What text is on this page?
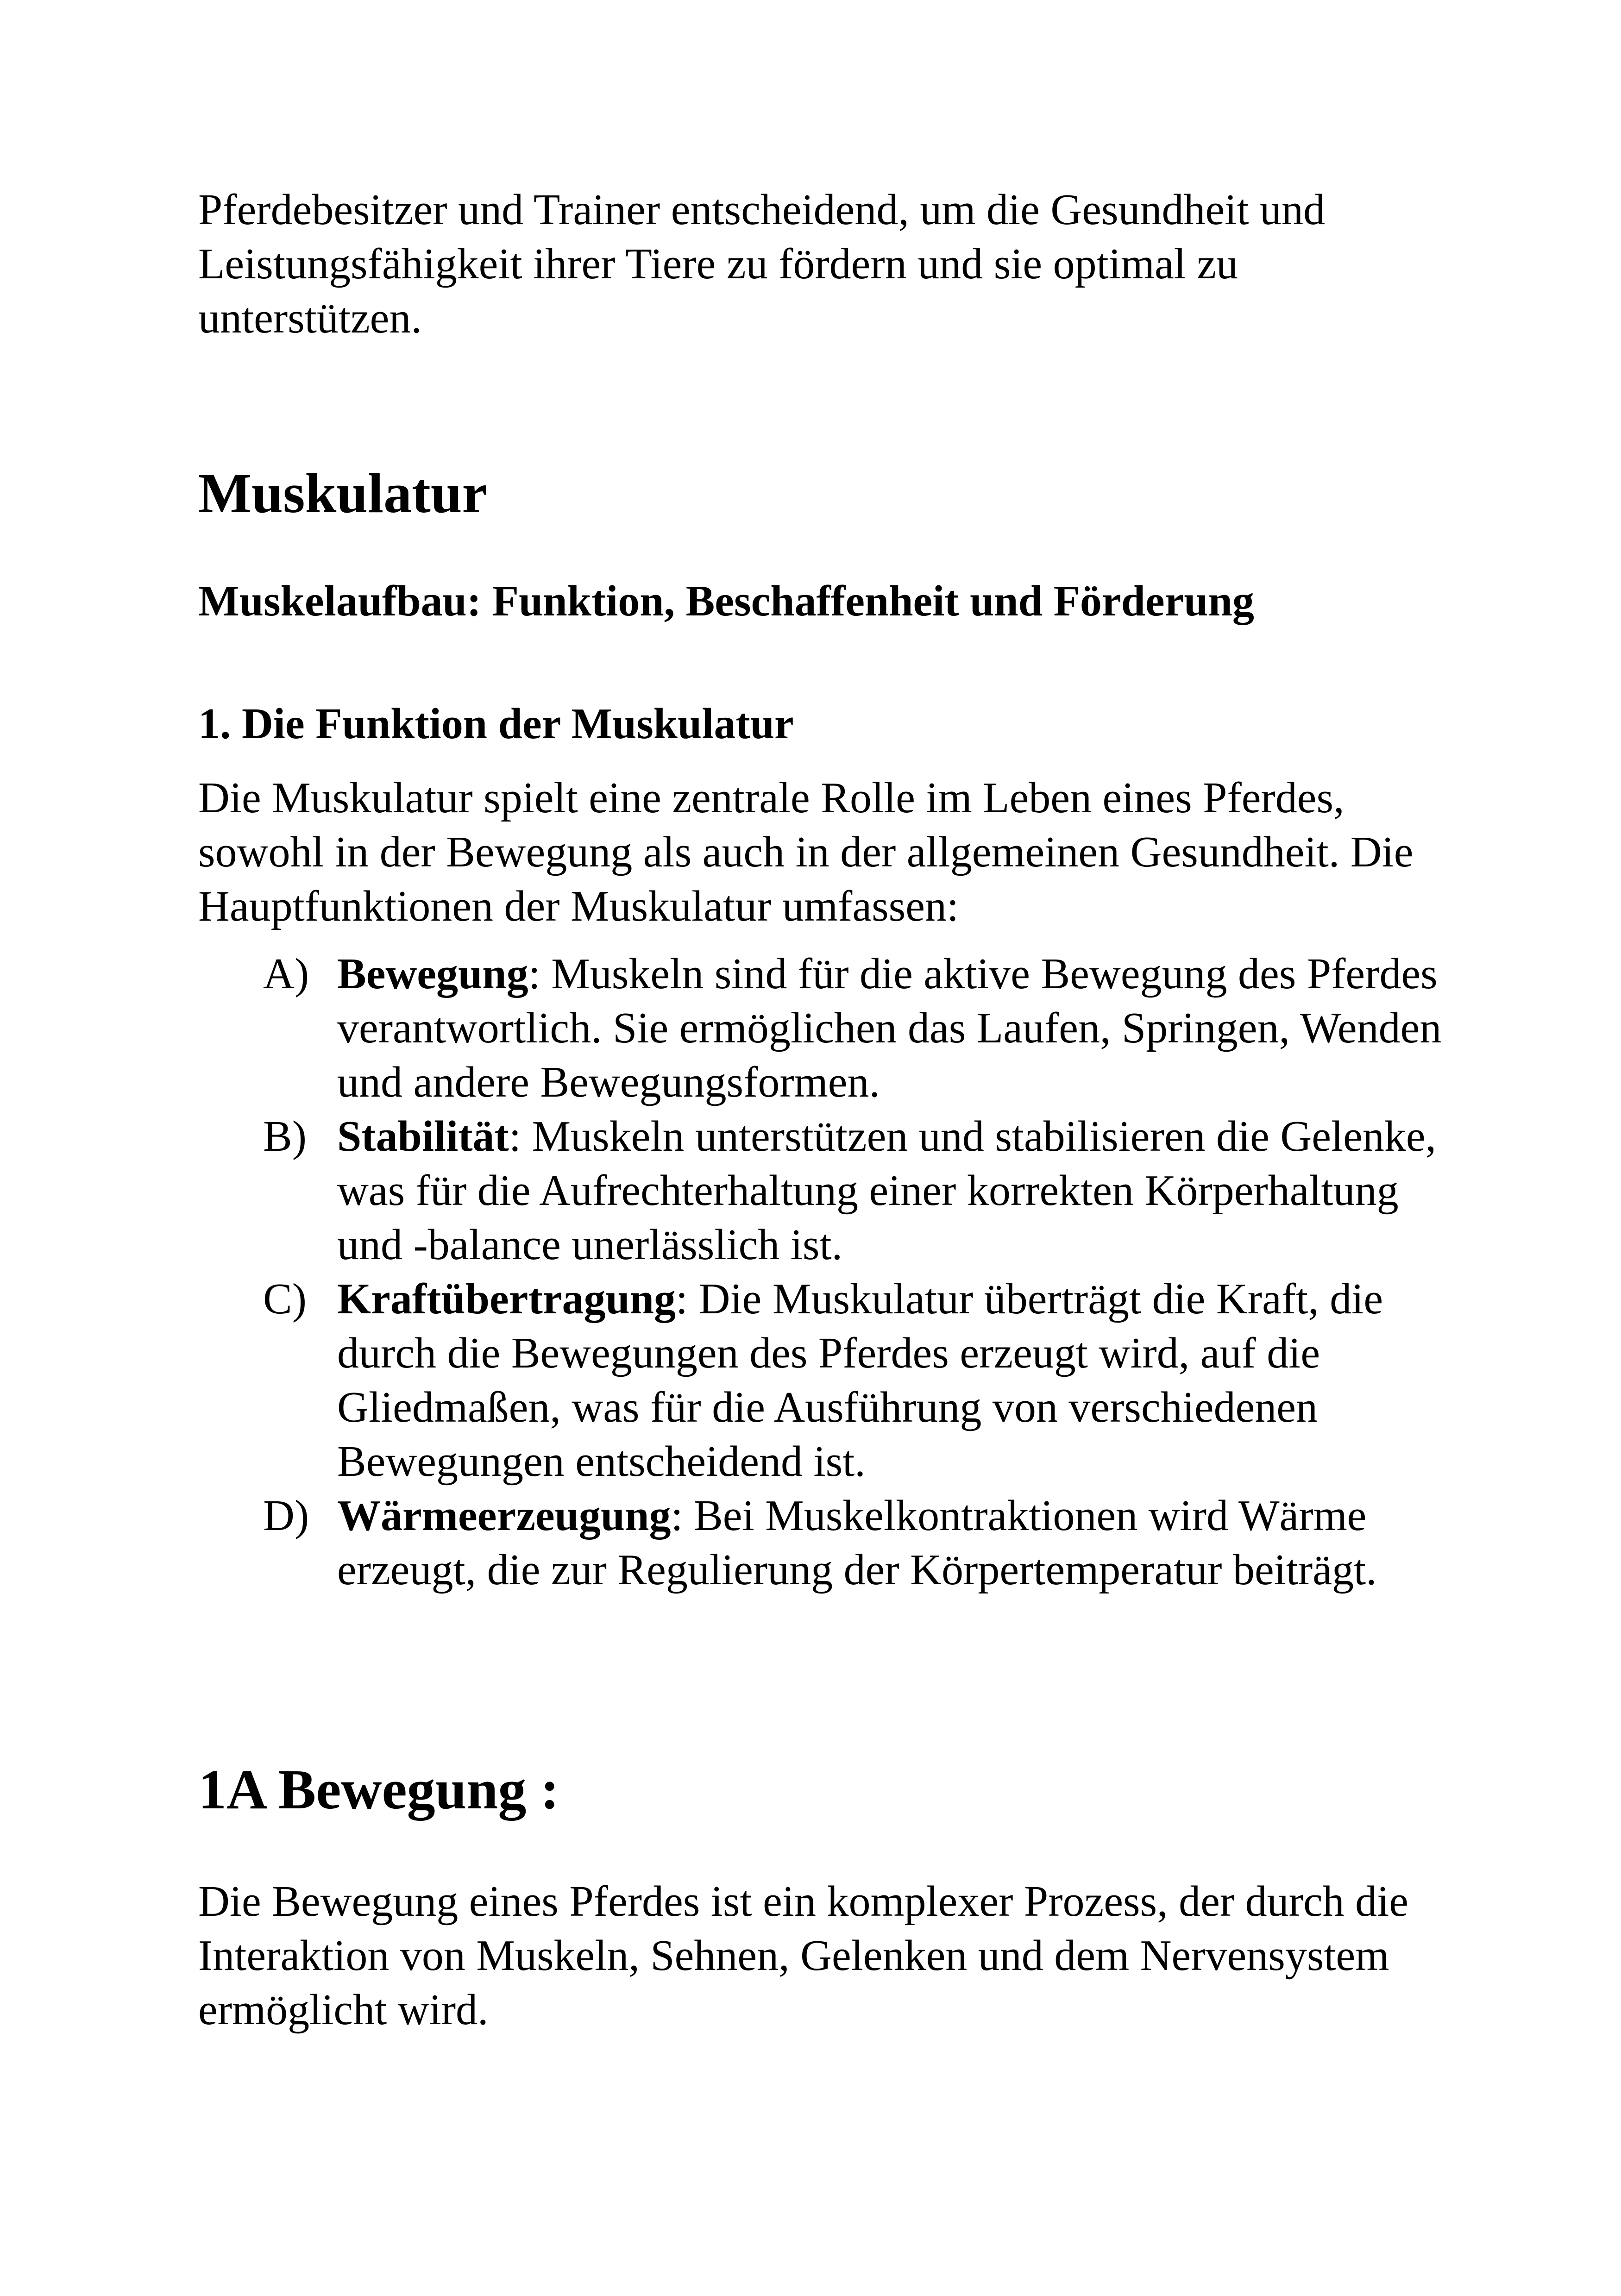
Pferdebesitzer und Trainer entscheidend, um die Gesundheit und Leistungsfähigkeit ihrer Tiere zu fördern und sie optimal zu unterstützen.

Muskulatur
Muskelaufbau: Funktion, Beschaffenheit und Förderung
1. Die Funktion der Muskulatur

Die Muskulatur spielt eine zentrale Rolle im Leben eines Pferdes, sowohl in der Bewegung als auch in der allgemeinen Gesundheit. Die Hauptfunktionen der Muskulatur umfassen:

A) Bewegung: Muskeln sind für die aktive Bewegung des Pferdes verantwortlich. Sie ermöglichen das Laufen, Springen, Wenden und andere Bewegungsformen.
B) Stabilität: Muskeln unterstützen und stabilisieren die Gelenke, was für die Aufrechterhaltung einer korrekten Körperhaltung und -balance unerlässlich ist.
C) Kraftübertragung: Die Muskulatur überträgt die Kraft, die durch die Bewegungen des Pferdes erzeugt wird, auf die Gliedmaßen, was für die Ausführung von verschiedenen Bewegungen entscheidend ist.
D) Wärmeerzeugung: Bei Muskelkontraktionen wird Wärme erzeugt, die zur Regulierung der Körpertemperatur beiträgt.
1A Bewegung :

Die Bewegung eines Pferdes ist ein komplexer Prozess, der durch die Interaktion von Muskeln, Sehnen, Gelenken und dem Nervensystem ermöglicht wird.
